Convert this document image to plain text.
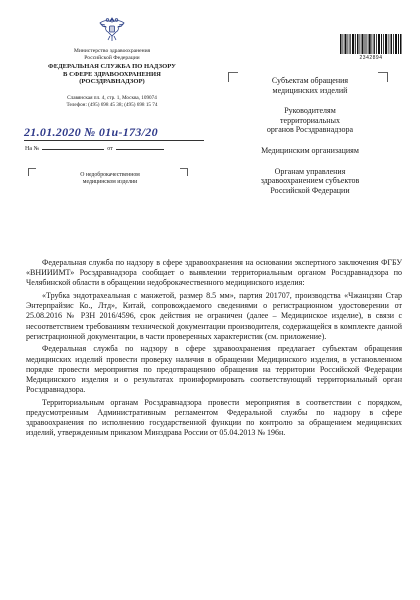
Министерство здравоохранения
Российской Федерации
ФЕДЕРАЛЬНАЯ СЛУЖБА ПО НАДЗОРУ
В СФЕРЕ ЗДРАВООХРАНЕНИЯ
(РОСЗДРАВНАДЗОР)
Славянская пл. 4, стр. 1, Москва, 109074
Телефон: (495) 698 45 38; (495) 698 15 74
21.01.2020 № 01и-173/20
На №	от
О недоброкачественном
медицинском изделии
2342894
Субъектам обращения
медицинских изделий
Руководителям
территориальных
органов Росздравнадзора
Медицинским организациям
Органам управления
здравоохранением субъектов
Российской Федерации

Федеральная служба по надзору в сфере здравоохранения на основании экспертного заключения ФГБУ «ВНИИИМТ» Росздравнадзора сообщает о выявлении территориальным органом Росздравнадзора по Челябинской области в обращении недоброкачественного медицинского изделия:

«Трубка эндотрахеальная с манжетой, размер 8.5 мм», партия 201707, производства «Чжанцзян Стар Энтерпрайзис Ко., Лтд», Китай, сопровождаемого сведениями о регистрационном удостоверении от 25.08.2016 № РЗН 2016/4596, срок действия не ограничен (далее – Медицинское изделие), в связи с несоответствием требованиям технической документации производителя, содержащейся в комплекте данной регистрационной документации, в части проверенных характеристик (см. приложение).

Федеральная служба по надзору в сфере здравоохранения предлагает субъектам обращения медицинских изделий провести проверку наличия в обращении Медицинского изделия, в установленном порядке провести мероприятия по предотвращению обращения на территории Российской Федерации Медицинского изделия и о результатах проинформировать соответствующий территориальный орган Росздравнадзора.

Территориальным органам Росздравнадзора провести мероприятия в соответствии с порядком, предусмотренным Административным регламентом Федеральной службы по надзору в сфере здравоохранения по исполнению государственной функции по контролю за обращением медицинских изделий, утвержденным приказом Минздрава России от 05.04.2013 № 196н.
